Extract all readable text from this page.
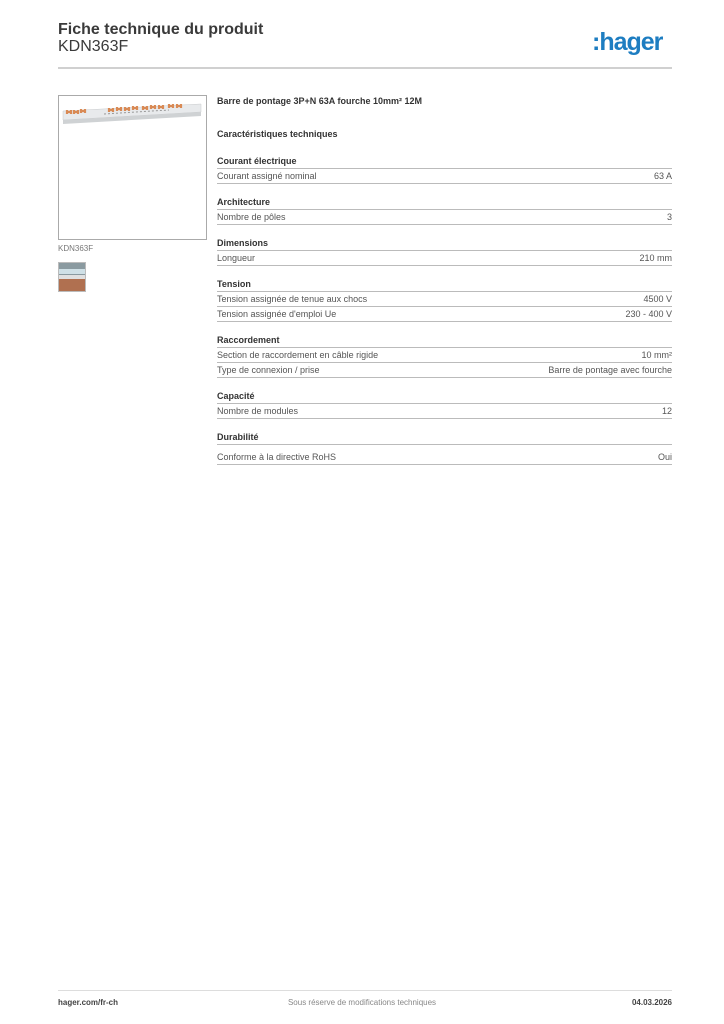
Fiche technique du produit
KDN363F	:hager
KDN363F
Barre de pontage 3P+N 63A fourche 10mm² 12M
Caractéristiques techniques
Courant électrique
Courant assigné nominal	63 A
Architecture
Nombre de pôles	3
Dimensions
Longueur	210 mm
Tension
Tension assignée de tenue aux chocs	4500 V
Tension assignée d'emploi Ue	230 - 400 V
Raccordement
Section de raccordement en câble rigide	10 mm²
Type de connexion / prise	Barre de pontage avec fourche
Capacité
Nombre de modules	12
Durabilité
Conforme à la directive RoHS	Oui
hager.com/fr-ch	Sous réserve de modifications techniques	04.03.2026
